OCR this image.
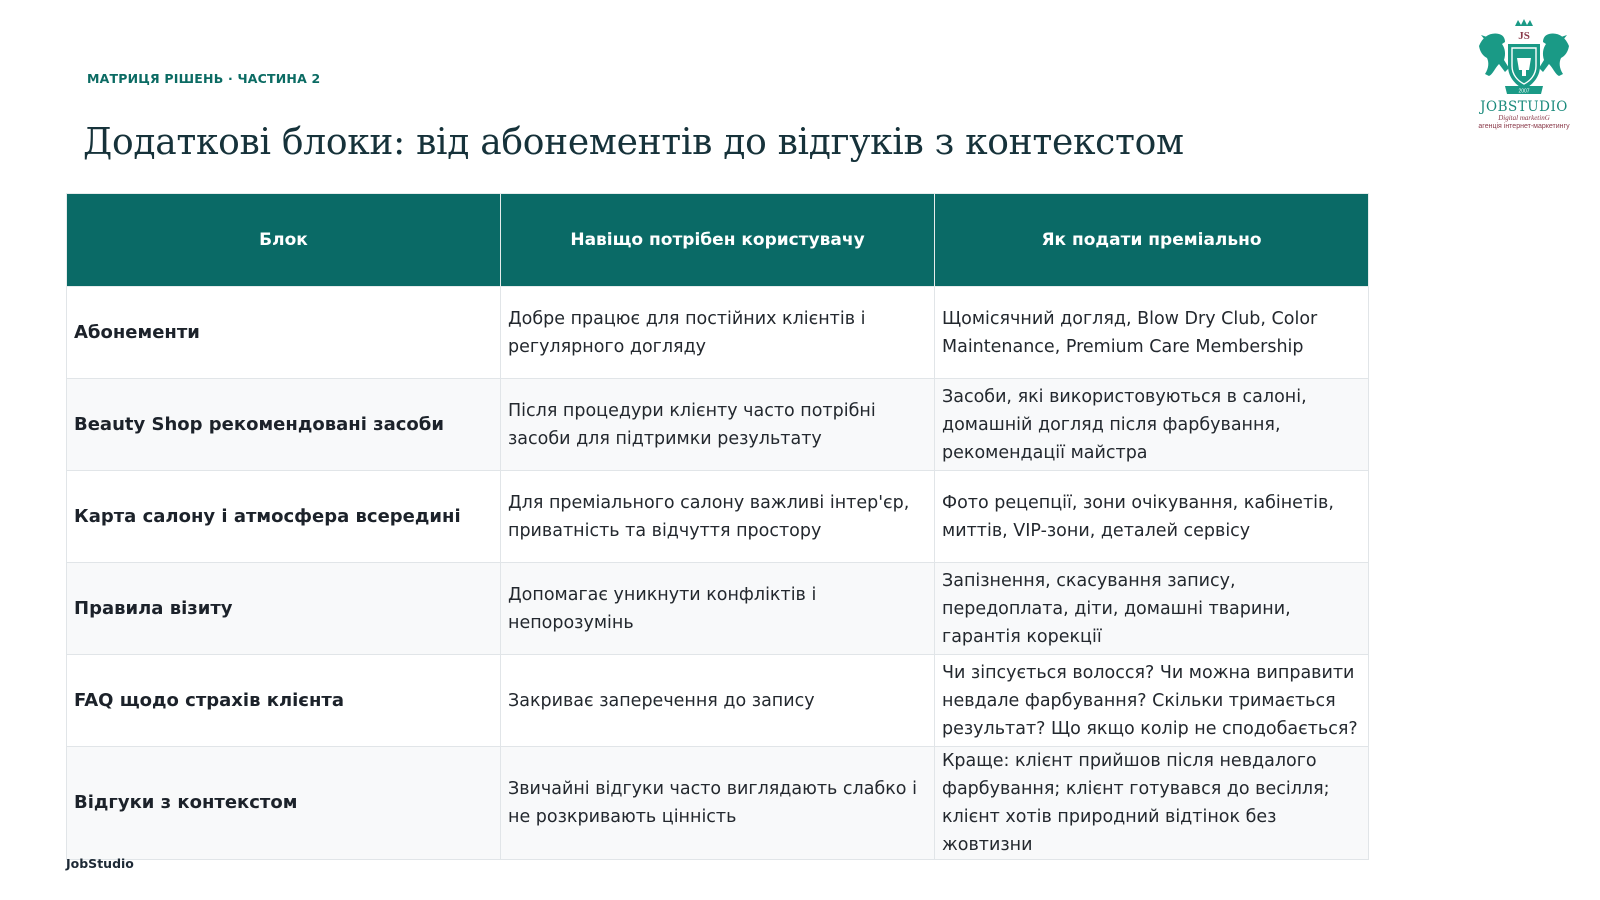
МАТРИЦЯ РІШЕНЬ · ЧАСТИНА 2
Додаткові блоки: від абонементів до відгуків з контекстом
JS
2007
JOBSTUDIO
Digital marketinG
агенція інтернет-маркетингу
Блок	Навіщо потрібен користувачу	Як подати преміально
Абонементи	Добре працює для постійних клієнтів і регулярного догляду	Щомісячний догляд, Blow Dry Club, Color Maintenance, Premium Care Membership
Beauty Shop рекомендовані засоби	Після процедури клієнту часто потрібні засоби для підтримки результату	Засоби, які використовуються в салоні, домашній догляд після фарбування, рекомендації майстра
Карта салону і атмосфера всередині	Для преміального салону важливі інтер'єр, приватність та відчуття простору	Фото рецепції, зони очікування, кабінетів, миттів, VIP-зони, деталей сервісу
Правила візиту	Допомагає уникнути конфліктів і непорозумінь	Запізнення, скасування запису, передоплата, діти, домашні тварини, гарантія корекції
FAQ щодо страхів клієнта	Закриває заперечення до запису	Чи зіпсується волосся? Чи можна виправити невдале фарбування? Скільки тримається результат? Що якщо колір не сподобається?
Відгуки з контекстом	Звичайні відгуки часто виглядають слабко і не розкривають цінність	Краще: клієнт прийшов після невдалого фарбування; клієнт готувався до весілля; клієнт хотів природний відтінок без жовтизни
JobStudio
